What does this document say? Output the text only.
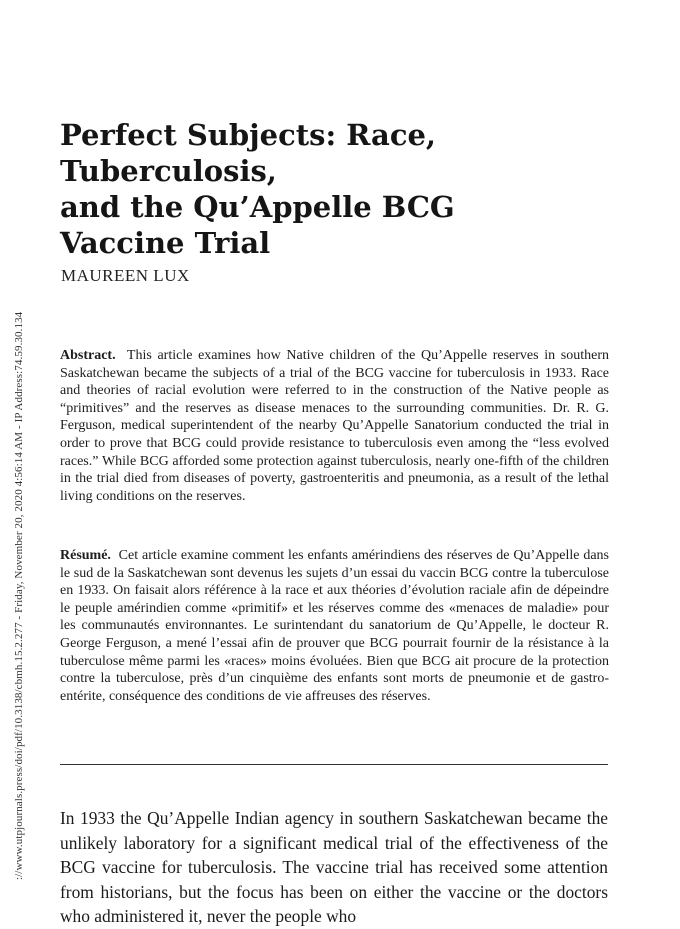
://www.utpjournals.press/doi/pdf/10.3138/cbmh.15.2.277 - Friday, November 20, 2020 4:56:14 AM - IP Address:74.59.30.134
Perfect Subjects: Race, Tuberculosis,
and the Qu’Appelle BCG
Vaccine Trial
MAUREEN LUX

Abstract. This article examines how Native children of the Qu’Appelle reserves in southern Saskatchewan became the subjects of a trial of the BCG vaccine for tuberculosis in 1933. Race and theories of racial evolution were referred to in the construction of the Native people as “primitives” and the reserves as disease menaces to the surrounding communities. Dr. R. G. Ferguson, medical superintendent of the nearby Qu’Appelle Sanatorium conducted the trial in order to prove that BCG could provide resistance to tuberculosis even among the “less evolved races.” While BCG afforded some protection against tuberculosis, nearly one-fifth of the children in the trial died from diseases of poverty, gastroenteritis and pneumonia, as a result of the lethal living conditions on the reserves.

Résumé. Cet article examine comment les enfants amérindiens des réserves de Qu’Appelle dans le sud de la Saskatchewan sont devenus les sujets d’un essai du vaccin BCG contre la tuberculose en 1933. On faisait alors référence à la race et aux théories d’évolution raciale afin de dépeindre le peuple amérindien comme «primitif» et les réserves comme des «menaces de maladie» pour les communautés environnantes. Le surintendant du sanatorium de Qu’Appelle, le docteur R. George Ferguson, a mené l’essai afin de prouver que BCG pourrait fournir de la résistance à la tuberculose même parmi les «races» moins évoluées. Bien que BCG ait procure de la protection contre la tuberculose, près d’un cinquième des enfants sont morts de pneumonie et de gastro-entérite, conséquence des conditions de vie affreuses des réserves.

In 1933 the Qu’Appelle Indian agency in southern Saskatchewan became the unlikely laboratory for a significant medical trial of the effectiveness of the BCG vaccine for tuberculosis. The vaccine trial has received some attention from historians, but the focus has been on either the vaccine or the doctors who administered it, never the people who
